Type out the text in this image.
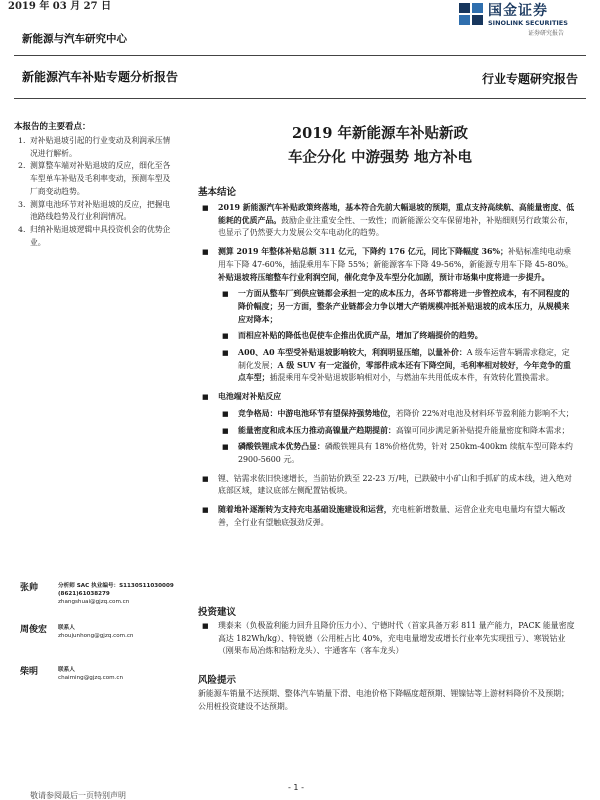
2019 年 03 月 27 日
新能源与汽车研究中心
国金证券
SINOLINK SECURITIES
证券研究报告
新能源汽车补贴专题分析报告	行业专题研究报告
本报告的主要看点：
1. 对补贴退坡引起的行业变动及利润承压情况进行解析。
2. 测算整车端对补贴退坡的反应，细化至各车型单车补贴及毛利率变动，预测车型及厂商变动趋势。
3. 测算电池环节对补贴退坡的反应，把握电池路线趋势及行业利润情况。
4. 归纳补贴退坡逻辑中具投资机会的优势企业。
张帅	分析师 SAC 执业编号：S1130511030009
(8621)61038279
zhangshuai@gjzq.com.cn
周俊宏 联系人
zhoujunhong@gjzq.com.cn
柴明	联系人
chaiming@gjzq.com.cn
2019 年新能源车补贴新政
车企分化 中游强势 地方补电
基本结论
■ 2019 新能源汽车补贴政策终落地，基本符合先前大幅退坡的预期，重点支持高续航、高能量密度、低能耗的优质产品。鼓励企业注重安全性、一致性；而新能源公交车保留地补，补贴细则另行政策公布，也显示了仍然要大力发展公交车电动化的趋势。
■ 测算 2019 年整体补贴总额 311 亿元，下降约 176 亿元，同比下降幅度 36%；补贴标准纯电动乘用车下降 47-60%，插混乘用车下降 55%；新能源客车下降 49-56%，新能源专用车下降 45-80%。补贴退坡将压缩整车行业利润空间，催化竞争及车型分化加剧，预计市场集中度将进一步提升。
■ 一方面从整车厂到供应链都会承担一定的成本压力，各环节都将进一步管控成本，有不同程度的降价幅度；另一方面，整条产业链都会力争以增大产销规模冲抵补贴退坡的成本压力，从规模来应对降本；
■ 而相应补贴的降低也促使车企推出优质产品，增加了终端提价的趋势。
■ A00、A0 车型受补贴退坡影响较大，利润明显压缩，以量补价：A 级车运营车辆需求稳定，定制化发展；A 级 SUV 有一定溢价，零部件成本还有下降空间，毛利率相对较好，今年竞争的重点车型；插混乘用车受补贴退坡影响相对小，与燃油车共用低成本件，有效转化置换需求。
■ 电池端对补贴反应
■ 竞争格局：中游电池环节有望保持强势地位，若降价 22%对电池及材料环节盈利能力影响不大；
■ 能量密度和成本压力推动高镍量产趋期提前：高镍可同步满足新补贴提升能量密度和降本需求；
■ 磷酸铁锂成本优势凸显：磷酸铁锂具有 18%价格优势，针对 250km-400km 续航车型可降本约 2900-5600 元。
■ 锂、钴需求依旧快速增长，当前钴价跌至 22-23 万/吨，已跌破中小矿山和手抓矿的成本线，进入绝对底部区域，建议底部左侧配置钴板块。
■ 随着地补逐渐转为支持充电基础设施建设和运营，充电桩新增数量、运营企业充电电量均有望大幅改善，全行业有望触底强劲反弹。
投资建议
■ 璞泰来（负极盈利能力回升且降价压力小）、宁德时代（首家具备万彩 811 量产能力，PACK 能量密度高达 182Wh/kg）、特锐德（公用桩占比 40%，充电电量增发或增长行业率先实现扭亏）、寒锐钴业（刚果布局冶炼和钴粉龙头）、宇通客车（客车龙头）
风险提示
新能源车销量不达预期、整体汽车销量下滑、电池价格下降幅度超预期、锂镍钴等上游材料降价不及预期；公用桩投资建设不达预期。
- 1 -
敬请参阅最后一页特别声明
